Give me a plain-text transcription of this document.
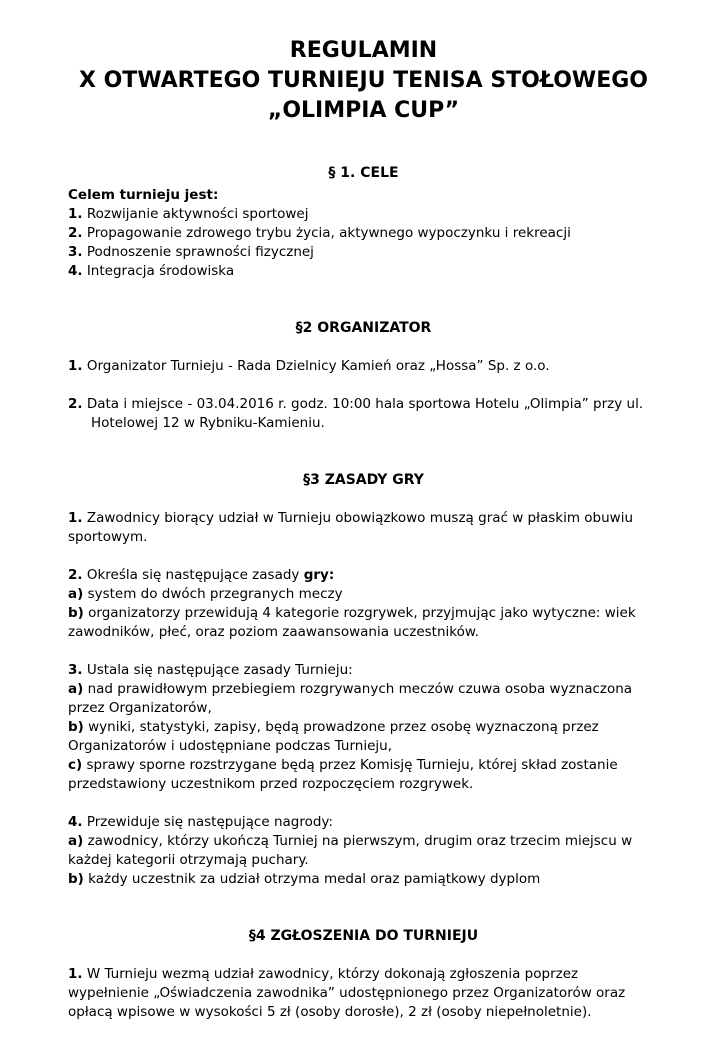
REGULAMIN
X OTWARTEGO TURNIEJU TENISA STOŁOWEGO
„OLIMPIA CUP”
§ 1. CELE

Celem turnieju jest:

1. Rozwijanie aktywności sportowej

2. Propagowanie zdrowego trybu życia, aktywnego wypoczynku i rekreacji

3. Podnoszenie sprawności fizycznej

4. Integracja środowiska

§2 ORGANIZATOR

1. Organizator Turnieju - Rada Dzielnicy Kamień oraz „Hossa” Sp. z o.o.

2. Data i miejsce - 03.04.2016 r. godz. 10:00 hala sportowa Hotelu „Olimpia” przy ul. Hotelowej 12 w Rybniku-Kamieniu.

§3 ZASADY GRY

1. Zawodnicy biorący udział w Turnieju obowiązkowo muszą grać w płaskim obuwiu sportowym.

2. Określa się następujące zasady gry:

a) system do dwóch przegranych meczy

b) organizatorzy przewidują 4 kategorie rozgrywek, przyjmując jako wytyczne: wiek zawodników, płeć, oraz poziom zaawansowania uczestników.

3. Ustala się następujące zasady Turnieju:

a) nad prawidłowym przebiegiem rozgrywanych meczów czuwa osoba wyznaczona przez Organizatorów,

b) wyniki, statystyki, zapisy, będą prowadzone przez osobę wyznaczoną przez Organizatorów i udostępniane podczas Turnieju,

c) sprawy sporne rozstrzygane będą przez Komisję Turnieju, której skład zostanie przedstawiony uczestnikom przed rozpoczęciem rozgrywek.

4. Przewiduje się następujące nagrody:

a) zawodnicy, którzy ukończą Turniej na pierwszym, drugim oraz trzecim miejscu w każdej kategorii otrzymają puchary.

b) każdy uczestnik za udział otrzyma medal oraz pamiątkowy dyplom

§4 ZGŁOSZENIA DO TURNIEJU

1. W Turnieju wezmą udział zawodnicy, którzy dokonają zgłoszenia poprzez wypełnienie „Oświadczenia zawodnika” udostępnionego przez Organizatorów oraz opłacą wpisowe w wysokości 5 zł (osoby dorosłe), 2 zł (osoby niepełnoletnie).
